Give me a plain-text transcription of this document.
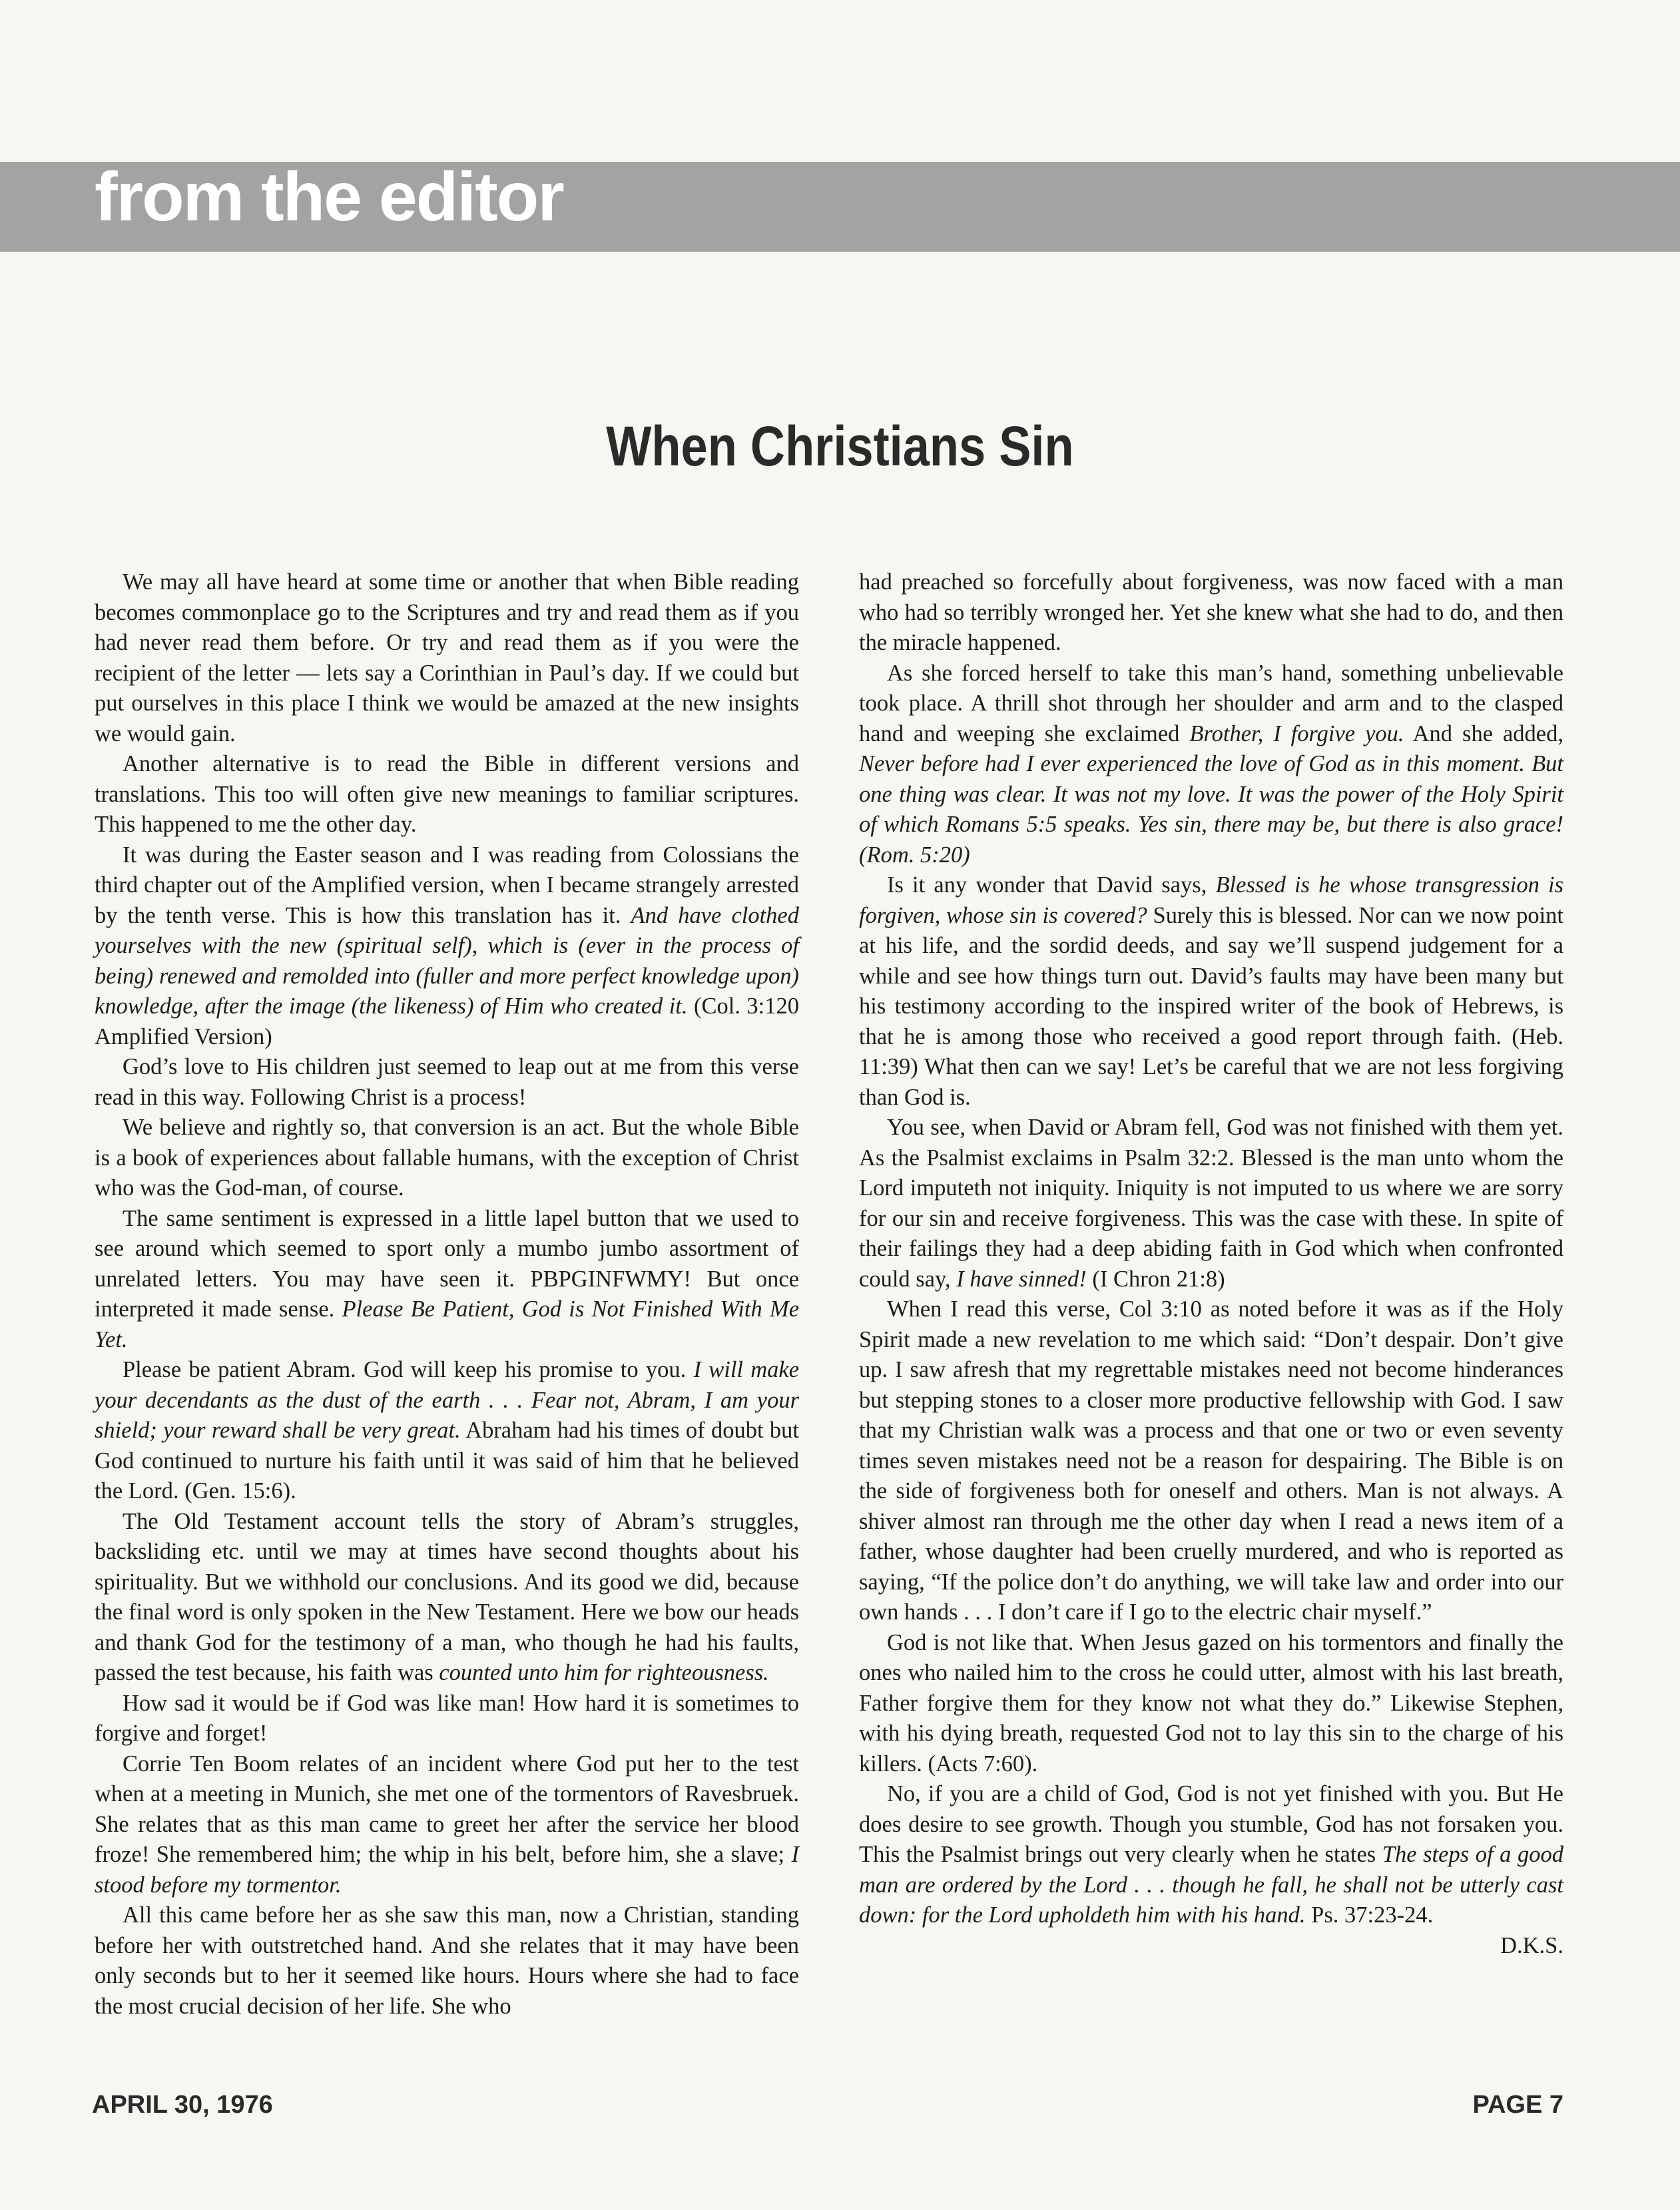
from the editor
When Christians Sin

We may all have heard at some time or another that when Bible reading becomes commonplace go to the Scriptures and try and read them as if you had never read them before. Or try and read them as if you were the recipient of the letter — lets say a Corinthian in Paul’s day. If we could but put ourselves in this place I think we would be amazed at the new insights we would gain.

Another alternative is to read the Bible in different versions and translations. This too will often give new meanings to familiar scriptures. This happened to me the other day.

It was during the Easter season and I was reading from Colossians the third chapter out of the Amplified version, when I became strangely arrested by the tenth verse. This is how this translation has it. And have clothed yourselves with the new (spiritual self), which is (ever in the process of being) renewed and remolded into (fuller and more perfect knowledge upon) knowledge, after the image (the likeness) of Him who created it. (Col. 3:120 Amplified Version)

God’s love to His children just seemed to leap out at me from this verse read in this way. Following Christ is a process!

We believe and rightly so, that conversion is an act. But the whole Bible is a book of experiences about fallable humans, with the exception of Christ who was the God-man, of course.

The same sentiment is expressed in a little lapel button that we used to see around which seemed to sport only a mumbo jumbo assortment of unrelated letters. You may have seen it. PBPGINFWMY! But once interpreted it made sense. Please Be Patient, God is Not Finished With Me Yet.

Please be patient Abram. God will keep his promise to you. I will make your decendants as the dust of the earth . . . Fear not, Abram, I am your shield; your reward shall be very great. Abraham had his times of doubt but God continued to nurture his faith until it was said of him that he believed the Lord. (Gen. 15:6).

The Old Testament account tells the story of Abram’s struggles, backsliding etc. until we may at times have second thoughts about his spirituality. But we withhold our conclusions. And its good we did, because the final word is only spoken in the New Testament. Here we bow our heads and thank God for the testimony of a man, who though he had his faults, passed the test because, his faith was counted unto him for righteousness.

How sad it would be if God was like man! How hard it is sometimes to forgive and forget!

Corrie Ten Boom relates of an incident where God put her to the test when at a meeting in Munich, she met one of the tormentors of Ravesbruek. She relates that as this man came to greet her after the service her blood froze! She remembered him; the whip in his belt, before him, she a slave; I stood before my tormentor.

All this came before her as she saw this man, now a Christian, standing before her with outstretched hand. And she relates that it may have been only seconds but to her it seemed like hours. Hours where she had to face the most crucial decision of her life. She who

had preached so forcefully about forgiveness, was now faced with a man who had so terribly wronged her. Yet she knew what she had to do, and then the miracle happened.

As she forced herself to take this man’s hand, something unbelievable took place. A thrill shot through her shoulder and arm and to the clasped hand and weeping she exclaimed Brother, I forgive you. And she added, Never before had I ever experienced the love of God as in this moment. But one thing was clear. It was not my love. It was the power of the Holy Spirit of which Romans 5:5 speaks. Yes sin, there may be, but there is also grace! (Rom. 5:20)

Is it any wonder that David says, Blessed is he whose transgression is forgiven, whose sin is covered? Surely this is blessed. Nor can we now point at his life, and the sordid deeds, and say we’ll suspend judgement for a while and see how things turn out. David’s faults may have been many but his testimony according to the inspired writer of the book of Hebrews, is that he is among those who received a good report through faith. (Heb. 11:39) What then can we say! Let’s be careful that we are not less forgiving than God is.

You see, when David or Abram fell, God was not finished with them yet. As the Psalmist exclaims in Psalm 32:2. Blessed is the man unto whom the Lord imputeth not iniquity. Iniquity is not imputed to us where we are sorry for our sin and receive forgiveness. This was the case with these. In spite of their failings they had a deep abiding faith in God which when confronted could say, I have sinned! (I Chron 21:8)

When I read this verse, Col 3:10 as noted before it was as if the Holy Spirit made a new revelation to me which said: “Don’t despair. Don’t give up. I saw afresh that my regrettable mistakes need not become hinderances but stepping stones to a closer more productive fellowship with God. I saw that my Christian walk was a process and that one or two or even seventy times seven mistakes need not be a reason for despairing. The Bible is on the side of forgiveness both for oneself and others. Man is not always. A shiver almost ran through me the other day when I read a news item of a father, whose daughter had been cruelly murdered, and who is reported as saying, “If the police don’t do anything, we will take law and order into our own hands . . . I don’t care if I go to the electric chair myself.”

God is not like that. When Jesus gazed on his tormentors and finally the ones who nailed him to the cross he could utter, almost with his last breath, Father forgive them for they know not what they do.” Likewise Stephen, with his dying breath, requested God not to lay this sin to the charge of his killers. (Acts 7:60).

No, if you are a child of God, God is not yet finished with you. But He does desire to see growth. Though you stumble, God has not forsaken you. This the Psalmist brings out very clearly when he states The steps of a good man are ordered by the Lord . . . though he fall, he shall not be utterly cast down: for the Lord upholdeth him with his hand. Ps. 37:23-24.

D.K.S.

APRIL 30, 1976	PAGE 7
